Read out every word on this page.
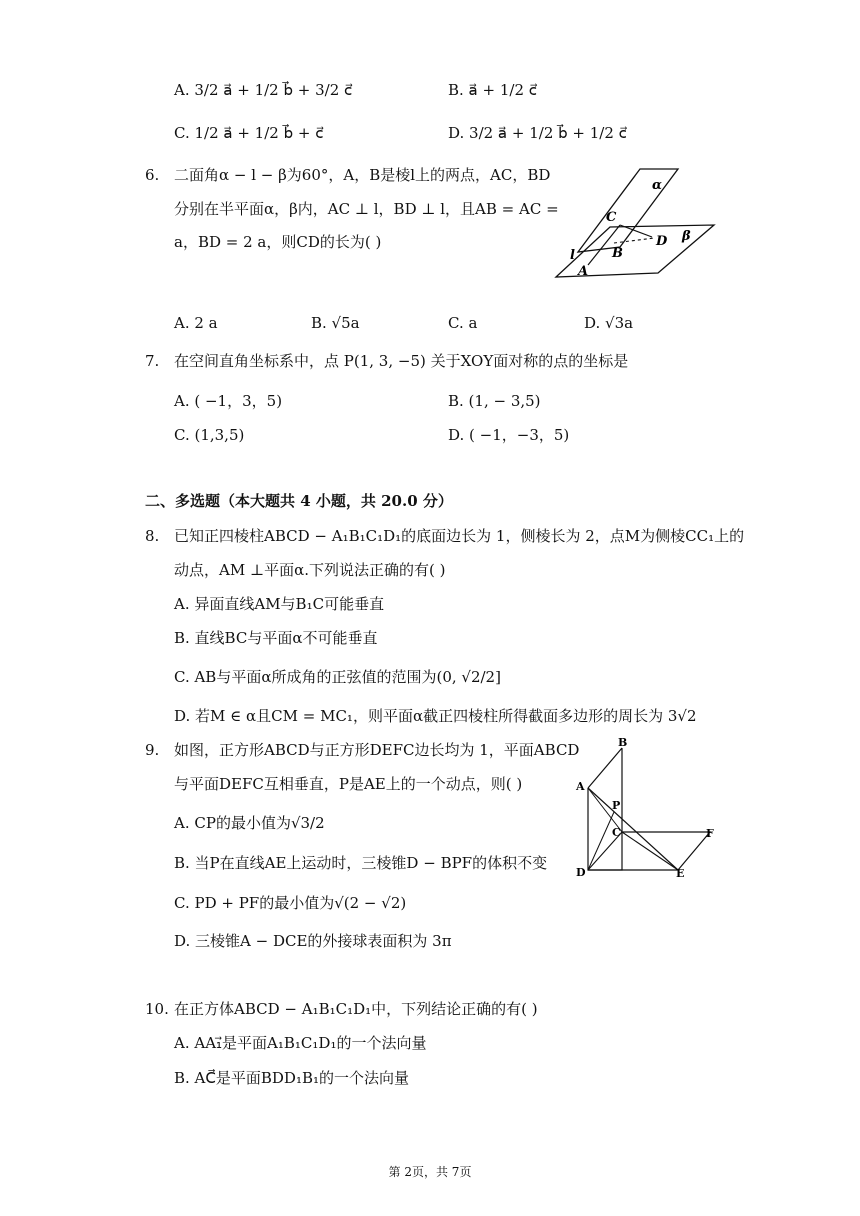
A. 3/2 a⃗ + 1/2 b⃗ + 3/2 c⃗	B. a⃗ + 1/2 c⃗
C. 1/2 a⃗ + 1/2 b⃗ + c⃗	D. 3/2 a⃗ + 1/2 b⃗ + 1/2 c⃗
6. 二面角α − l − β为60°，A，B是棱l上的两点，AC，BD
分别在半平面α，β内，AC ⊥ l，BD ⊥ l，且AB = AC =
a，BD = 2 a，则CD的长为( )
α
β
C
D
B
A
l
A. 2 a	B. √5a	C. a	D. √3a
7. 在空间直角坐标系中，点 P(1, 3, −5) 关于XOY面对称的点的坐标是
A. ( −1，3，5)	B. (1, − 3,5)
C. (1,3,5)	D. ( −1，−3，5)
二、多选题（本大题共 4 小题，共 20.0 分）
8. 已知正四棱柱ABCD − A₁B₁C₁D₁的底面边长为 1，侧棱长为 2，点M为侧棱CC₁上的
动点，AM ⊥平面α.下列说法正确的有( )
A. 异面直线AM与B₁C可能垂直
B. 直线BC与平面α不可能垂直
C. AB与平面α所成角的正弦值的范围为(0, √2/2]
D. 若M ∈ α且CM = MC₁，则平面α截正四棱柱所得截面多边形的周长为 3√2
9. 如图，正方形ABCD与正方形DEFC边长均为 1，平面ABCD
与平面DEFC互相垂直，P是AE上的一个动点，则( )
A. CP的最小值为√3/2
B. 当P在直线AE上运动时，三棱锥D − BPF的体积不变
C. PD + PF的最小值为√(2 − √2)
D. 三棱锥A − DCE的外接球表面积为 3π
A
B
P
C	F
D	E
10. 在正方体ABCD − A₁B₁C₁D₁中，下列结论正确的有( )
A. AA₁⃗是平面A₁B₁C₁D₁的一个法向量
B. AC⃗是平面BDD₁B₁的一个法向量
第 2页，共 7页
